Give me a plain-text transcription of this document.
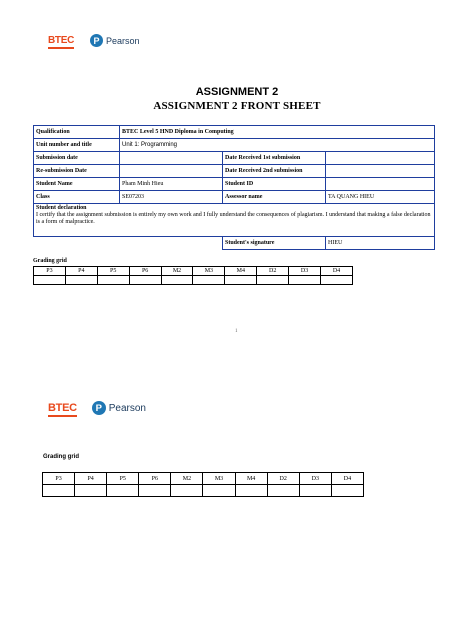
BTEC	P Pearson
ASSIGNMENT 2
ASSIGNMENT 2 FRONT SHEET
Qualification	BTEC Level 5 HND Diploma in Computing		
Unit number and title	Unit 1: Programming		
Submission date		Date Received 1st submission	
Re-submission Date		Date Received 2nd submission	
Student Name	Pham Minh Hieu	Student ID	
Class	SE07203	Assessor name	TA QUANG HIEU

Student declaration
I certify that the assignment submission is entirely my own work and I fully understand the consequences of plagiarism. I understand that making a false declaration is a form of malpractice.			

		Student's signature	HIEU
Grading grid
P3	P4	P5	P6	M2	M3	M4	D2	D3	D4

1
BTEC	P Pearson
Grading grid
P3	P4	P5	P6	M2	M3	M4	D2	D3	D4
